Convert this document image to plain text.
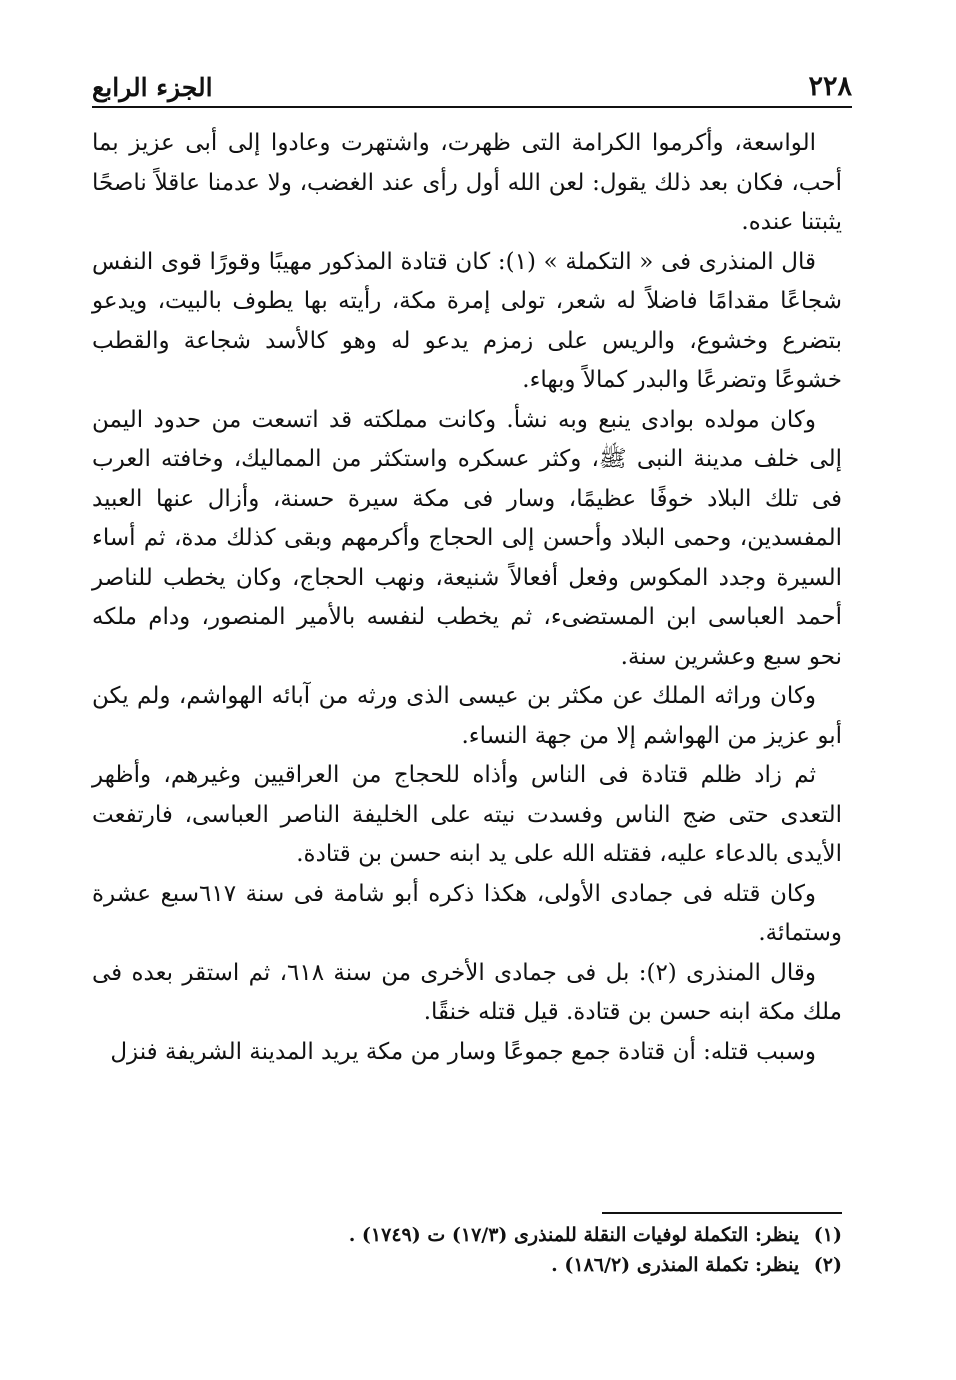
٢٢٨
الجزء الرابع

الواسعة، وأكرموا الكرامة التى ظهرت، واشتهرت وعادوا إلى أبى عزيز بما أحب، فكان بعد ذلك يقول: لعن الله أول رأى عند الغضب، ولا عدمنا عاقلاً ناصحًا يثبتنا عنده.

قال المنذرى فى « التكملة » (١): كان قتادة المذكور مهيبًا وقورًا قوى النفس شجاعًا مقدامًا فاضلاً له شعر، تولى إمرة مكة، رأيته بها يطوف بالبيت، ويدعو بتضرع وخشوع، والريس على زمزم يدعو له وهو كالأسد شجاعة والقطب خشوعًا وتضرعًا والبدر كمالاً وبهاء.

وكان مولده بوادى ينبع وبه نشأ. وكانت مملكته قد اتسعت من حدود اليمن إلى خلف مدينة النبى ﷺ، وكثر عسكره واستكثر من المماليك، وخافته العرب فى تلك البلاد خوفًا عظيمًا، وسار فى مكة سيرة حسنة، وأزال عنها العبيد المفسدين، وحمى البلاد وأحسن إلى الحجاج وأكرمهم وبقى كذلك مدة، ثم أساء السيرة وجدد المكوس وفعل أفعالاً شنيعة، ونهب الحجاج، وكان يخطب للناصر أحمد العباسى ابن المستضىء، ثم يخطب لنفسه بالأمير المنصور، ودام ملكه نحو سبع وعشرين سنة.

وكان وراثه الملك عن مكثر بن عيسى الذى ورثه من آبائه الهواشم، ولم يكن أبو عزيز من الهواشم إلا من جهة النساء.

ثم زاد ظلم قتادة فى الناس وأذاه للحجاج من العراقيين وغيرهم، وأظهر التعدى حتى ضج الناس وفسدت نيته على الخليفة الناصر العباسى، فارتفعت الأيدى بالدعاء عليه، فقتله الله على يد ابنه حسن بن قتادة.

وكان قتله فى جمادى الأولى، هكذا ذكره أبو شامة فى سنة ٦١٧سبع عشرة وستمائة.

وقال المنذرى (٢): بل فى جمادى الأخرى من سنة ٦١٨، ثم استقر بعده فى ملك مكة ابنه حسن بن قتادة. قيل قتله خنقًا.

وسبب قتله: أن قتادة جمع جموعًا وسار من مكة يريد المدينة الشريفة فنزل

(١) ينظر: التكملة لوفيات النقلة للمنذرى (١٧/٣) ت (١٧٤٩) .

(٢) ينظر: تكملة المنذرى (١٨٦/٢) .
